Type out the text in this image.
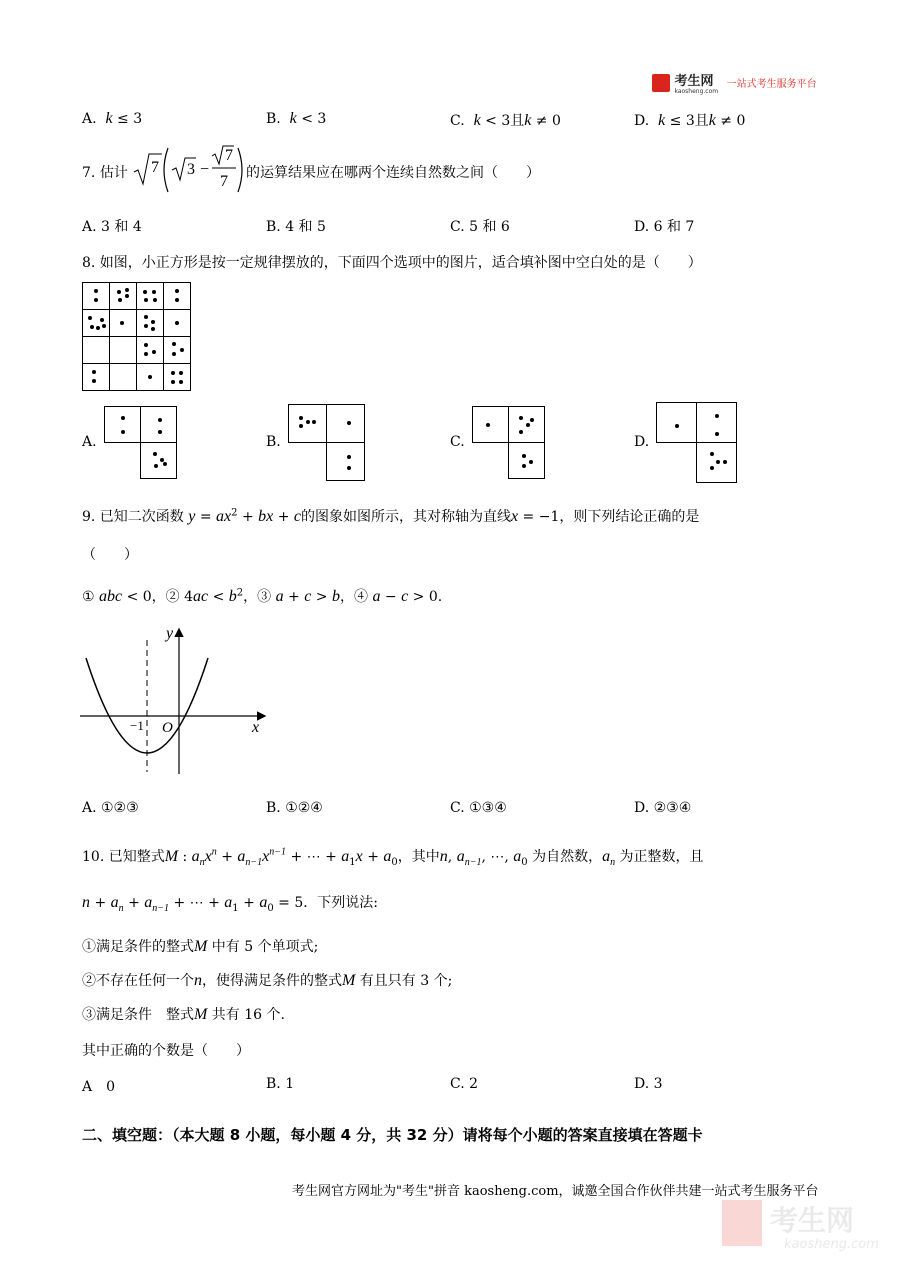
考生网
kaosheng.com
一站式考生服务平台
A. k ≤ 3	B. k < 3	C. k < 3且k ≠ 0	D. k ≤ 3且k ≠ 0
7. 估计 7 3 −
7
7 的运算结果应在哪两个连续自然数之间（　　）
A. 3 和 4	B. 4 和 5	C. 5 和 6	D. 6 和 7
8. 如图，小正方形是按一定规律摆放的，下面四个选项中的图片，适合填补图中空白处的是（　　）
A.	B.	C.	D.
9. 已知二次函数 $y = ax^2$ + bx + c的图象如图所示，其对称轴为直线x = −1，则下列结论正确的是
（　　）
① abc < 0，② $4ac < b^2$，③ a + c > b，④ a − c > 0.
y
x
O
−1
A. ①②③	B. ①②④	C. ①③④	D. ②③④
10. 已知整式M : $a_nx^n + a_{n-1}x^{n-1}$ + ⋯ + $a_1x + a_0$，其中n, $a_{n-1}$, ⋯, $a_0$ 为自然数，$a_n$ 为正整数，且
$n + a_n + a_{n-1}$ + ⋯ + $a_1 + a_0 = 5$．下列说法:
①满足条件的整式M 中有 5 个单项式;
②不存在任何一个n，使得满足条件的整式M 有且只有 3 个;
③满足条件　整式M 共有 16 个.
其中正确的个数是（　　）
A　0	B. 1	C. 2	D. 3
二、填空题：（本大题 8 小题，每小题 4 分，共 32 分）请将每个小题的答案直接填在答题卡
考生网官方网址为"考生"拼音 kaosheng.com，诚邀全国合作伙伴共建一站式考生服务平台
考生网
kaosheng.com
